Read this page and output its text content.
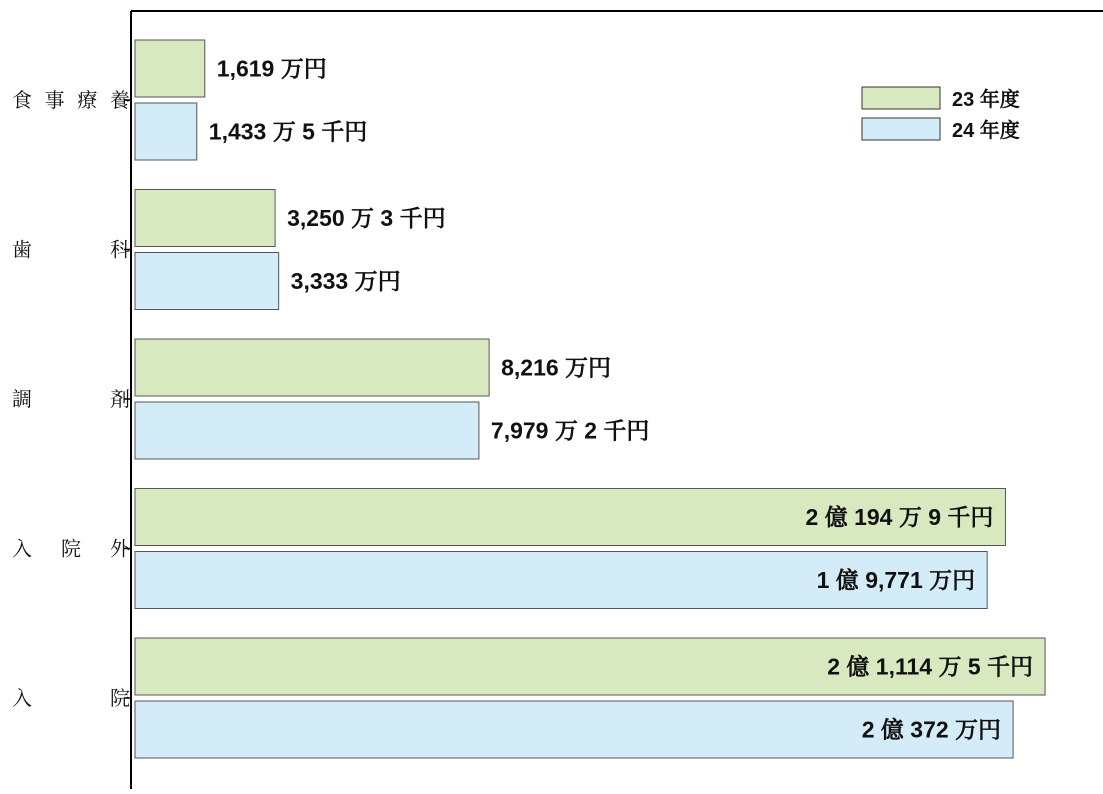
食 事 療 養
1,619 万円
1,433 万 5 千円
歯	科
3,250 万 3 千円
3,333 万円
調	剤
8,216 万円
7,979 万 2 千円
入 院 外
2 億 194 万 9 千円
1 億 9,771 万円
入	院
2 億 1,114 万 5 千円
2 億 372 万円
23 年度
24 年度
